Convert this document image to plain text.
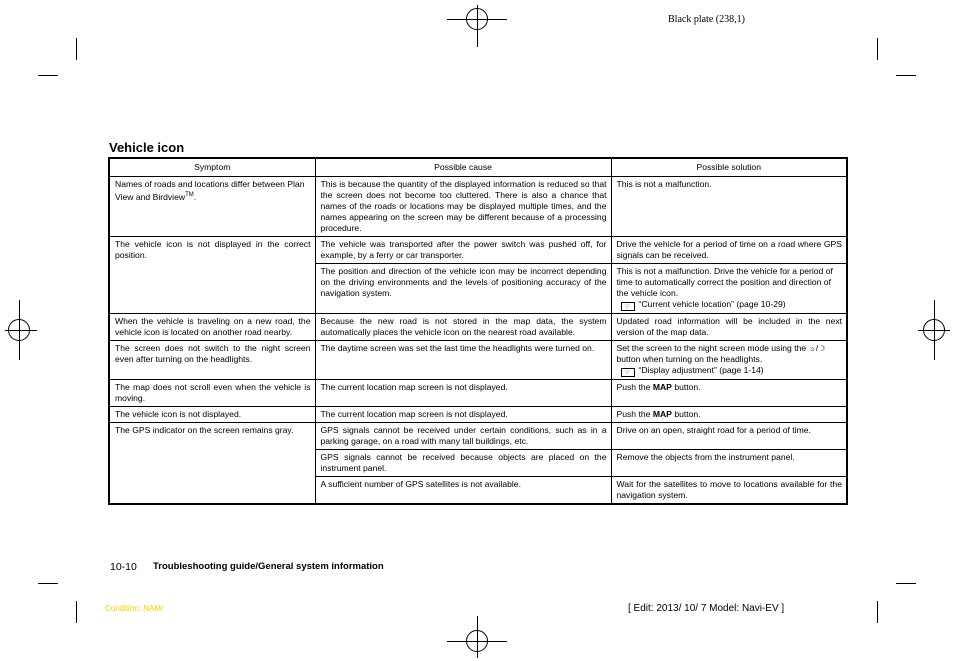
Black plate (238,1)
Vehicle icon
Symptom	Possible cause	Possible solution
Names of roads and locations differ between Plan View and Birdview™.	This is because the quantity of the displayed information is reduced so that the screen does not become too cluttered. There is also a chance that names of the roads or locations may be displayed multiple times, and the names appearing on the screen may be different because of a processing procedure.	This is not a malfunction.
The vehicle icon is not displayed in the correct position.	The vehicle was transported after the power switch was pushed off, for example, by a ferry or car transporter.	Drive the vehicle for a period of time on a road where GPS signals can be received.
	The position and direction of the vehicle icon may be incorrect depending on the driving environments and the levels of positioning accuracy of the navigation system.	This is not a malfunction. Drive the vehicle for a period of time to automatically correct the position and direction of the vehicle icon.
☞ “Current vehicle location” (page 10-29)

When the vehicle is traveling on a new road, the vehicle icon is located on another road nearby.	Because the new road is not stored in the map data, the system automatically places the vehicle icon on the nearest road available.	Updated road information will be included in the next version of the map data.
The screen does not switch to the night screen even after turning on the headlights.	The daytime screen was set the last time the headlights were turned on.	Set the screen to the night screen mode using the ☼/☽button when turning on the headlights.
☞ “Display adjustment” (page 1-14)

The map does not scroll even when the vehicle is moving.	The current location map screen is not displayed.	Push the MAP button.
The vehicle icon is not displayed.	The current location map screen is not displayed.	Push the MAP button.
The GPS indicator on the screen remains gray.	GPS signals cannot be received under certain conditions, such as in a parking garage, on a road with many tall buildings, etc.	Drive on an open, straight road for a period of time.
	GPS signals cannot be received because objects are placed on the instrument panel.	Remove the objects from the instrument panel.
	A sufficient number of GPS satellites is not available.	Wait for the satellites to move to locations available for the navigation system.
10-10 Troubleshooting guide/General system information
Condition: NAM/	[ Edit: 2013/ 10/ 7 Model: Navi-EV ]
